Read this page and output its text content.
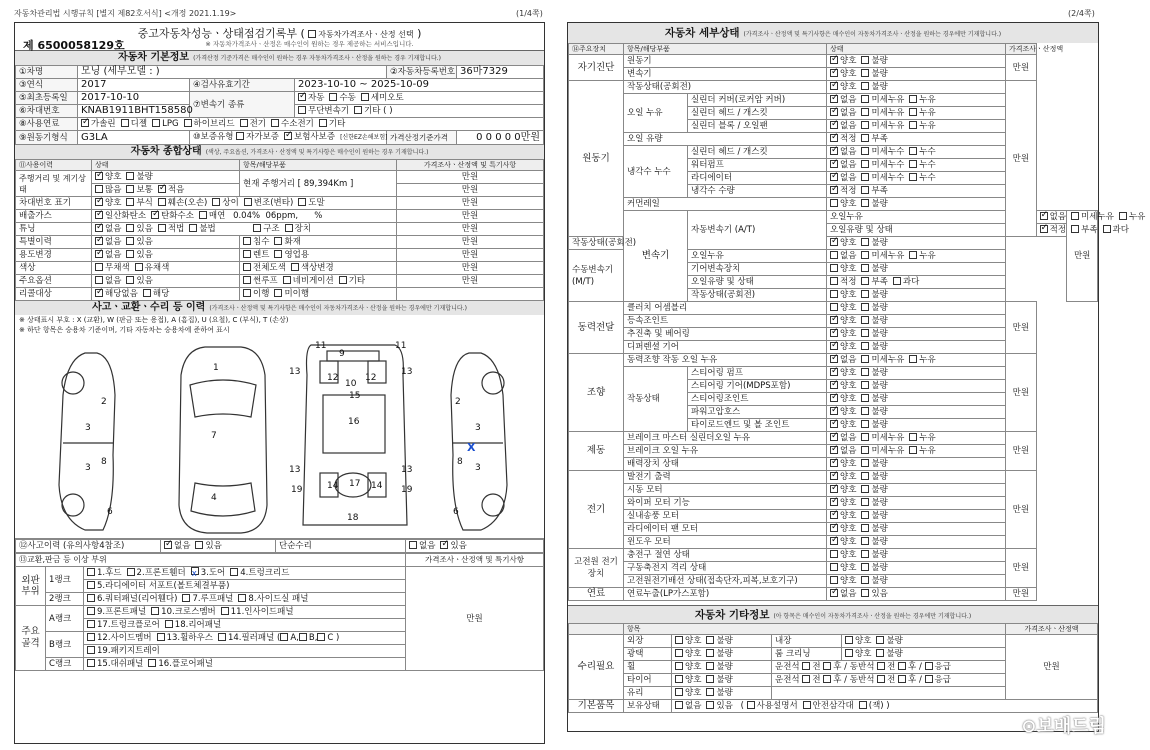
자동차관리법 시행규칙 [별지 제82호서식] <개정 2021.1.19>	(1/4쪽)	(2/4쪽)
중고자동차성능ㆍ상태점검기록부 ( 자동차가격조사ㆍ산정 선택 )
제 6500058129호	※ 자동차가격조사ㆍ산정은 매수인이 원하는 경우 제공하는 서비스입니다.
자동차 기본정보 (가격산정 기준가격은 매수인이 원하는 경우 자동차가격조사ㆍ산정을 원하는 경우 기재합니다.)
①차명	모닝 (세부모델 : )			②자동차등록번호	36마7329
③연식	2017	④검사유효기간	2023-10-10 ~ 2025-10-09		
⑤최초등록일	2017-10-10	⑦변속기 종류	✓자동 수동 세미오토
⑥차대번호	KNAB1911BHT158580		무단변속기 기타 ( )		
⑧사용연료	✓가솔린 디젤 LPG 하이브리드 전기 수소전기 기타
⑨원동기형식	G3LA	⑩보증유형 자가보증 ✓ 보험사보증 [신한EZ손해보험]		가격산정기준가격	0 0 0 0 0만원
자동차 종합상태 (색상, 주요옵션, 가격조사ㆍ산정액 및 특기사항은 매수인이 원하는 경우 기재합니다.)
⑪사용이력	상태	항목/해당부품	가격조사ㆍ산정액 및 특기사항
주행거리 및 계기상태	✓양호 불량	현재 주행거리 [ 89,394Km ]	만원
	많음 보통 ✓ 적음		만원
차대번호 표기	✓양호 부식 훼손(오손) 상이 변조(변타) 도말		만원
배출가스	✓일산화탄소 ✓ 탄화수소 매연 0.04% 06ppm, %		만원
튜닝	✓없음 있음 적법 불법 구조 장치		만원
특별이력	✓없음 있음	침수 화재	만원
용도변경	✓없음 있음	렌트 영업용	만원
색상	무채색 유채색	전체도색 색상변경	만원
주요옵션	없음 있음	썬루프 네비게이션 기타	만원
리콜대상	✓해당없음 해당	이행 미이행	
사고ㆍ교환ㆍ수리 등 이력 (가격조사ㆍ산정액 및 특기사항은 매수인이 자동차가격조사ㆍ산정을 원하는 경우에만 기재합니다.)
※ 상태표시 부호 : X (교환), W (판금 또는 용접), A (흠집), U (요철), C (부식), T (손상)
※ 하단 항목은 승용차 기준이며, 기타 자동차는 승용차에 준하여 표시
2
3
3
8
6
1
7
4
9
11
13
12	12
11
13
10
15
16
13	13
19	19
17
18
14	14
2
3
3
8
6
X
⑫사고이력 (유의사항4참조)	✓없음 있음	단순수리	없음 ✓ 있음
⑬교환,판금 등 이상 부위			가격조사ㆍ산정액 및 특기사항
외판부위	1랭크	1.후드 2.프론트휀더 x 3.도어 4.트렁크리드	만원
		5.라디에이터 서포트(볼트체결부품)	
	2랭크	6.쿼터패널(리어휀다) 7.루프패널 8.사이드실 패널	
주요골격	A랭크	9.프론트패널 10.크로스멤버 11.인사이드패널	
		17.트렁크플로어 18.리어패널	
	B랭크	12.사이드멤버 13.휠하우스 14.필러패널 ( A, B, C )	
		19.패키지트레이	
	C랭크	15.대쉬패널 16.플로어패널	
자동차 세부상태 (가격조사ㆍ산정액 및 특기사항은 매수인이 자동차가격조사ㆍ산정을 원하는 경우에만 기재합니다.)
⑭주요장치	항목/해당부품		상태	가격조사ㆍ산정액		
자기진단	원동기	✓양호 불량	만원		
	변속기	✓양호 불량
원동기	작동상태(공회전)	✓양호 불량	만원		
	오일 누유	실린더 커버(로커암 커버)	✓없음 미세누유 누유
		실린더 헤드 / 개스킷	✓없음 미세누유 누유
		실린더 블록 / 오일팬	✓없음 미세누유 누유
	오일 유량	✓적정 부족
	냉각수 누수	실린더 헤드 / 개스킷	✓없음 미세누수 누수
		워터펌프	✓없음 미세누수 누수
		라디에이터	✓없음 미세누수 누수
		냉각수 수량	✓적정 부족
	커먼레일		양호 불량			
	변속기	자동변속기 (A/T)	오일누유	✓없음 미세누유 누유	만원
			오일유량 및 상태	✓적정 부족 과다
작동상태(공회전)	✓양호 불량
수동변속기 (M/T)		오일누유	없음 미세누유 누유			
		기어변속장치	양호 불량			
		오일유량 및 상태	적정 부족 과다			
		작동상태(공회전)	양호 불량			
동력전달	클러치 어셈블리		양호 불량	만원		
	등속조인트	✓양호 불량
	추진축 및 베어링	✓양호 불량
	디퍼렌셜 기어	✓양호 불량
조향	동력조향 작동 오일 누유	✓없음 미세누유 누유	만원		
	작동상태	스티어링 펌프	✓양호 불량
		스티어링 기어(MDPS포함)	✓양호 불량
		스티어링조인트	✓양호 불량
		파워고압호스	✓양호 불량
		타이로드엔드 및 볼 조인트	✓양호 불량
제동	브레이크 마스터 실린더오일 누유	✓없음 미세누유 누유	만원		
	브레이크 오일 누유	✓없음 미세누유 누유
	배력장치 상태	✓양호 불량
전기	발전기 출력	✓양호 불량	만원		
	시동 모터	✓양호 불량
	와이퍼 모터 기능	✓양호 불량
	실내송풍 모터	✓양호 불량
	라디에이터 팬 모터	✓양호 불량
	윈도우 모터	✓양호 불량
고전원 전기장치	충전구 절연 상태		양호 불량	만원		
	구동축전지 격리 상태		양호 불량			
	고전원전기배선 상태(접속단자,피복,보호기구)		양호 불량			
연료	연료누출(LP가스포함)	✓없음 있음	만원		
자동차 기타정보 (아 항목은 매수인이 자동차가격조사ㆍ산정을 원하는 경우에만 기재합니다.)
	항목				가격조사ㆍ산정액
수리필요	외장	양호 불량	내장	양호 불량	만원
	광택	양호 불량	룸 크리닝	양호 불량	
	휠	양호 불량	운전석 전 후 / 동반석 전 후 / 응급		
	타이어	양호 불량	운전석 전 후 / 동반석 전 후 / 응급		
	유리	양호 불량			
기본품목	보유상태	없음 있음 ( 사용설명서 안전삼각대 (잭) )			
⊙보배드림
